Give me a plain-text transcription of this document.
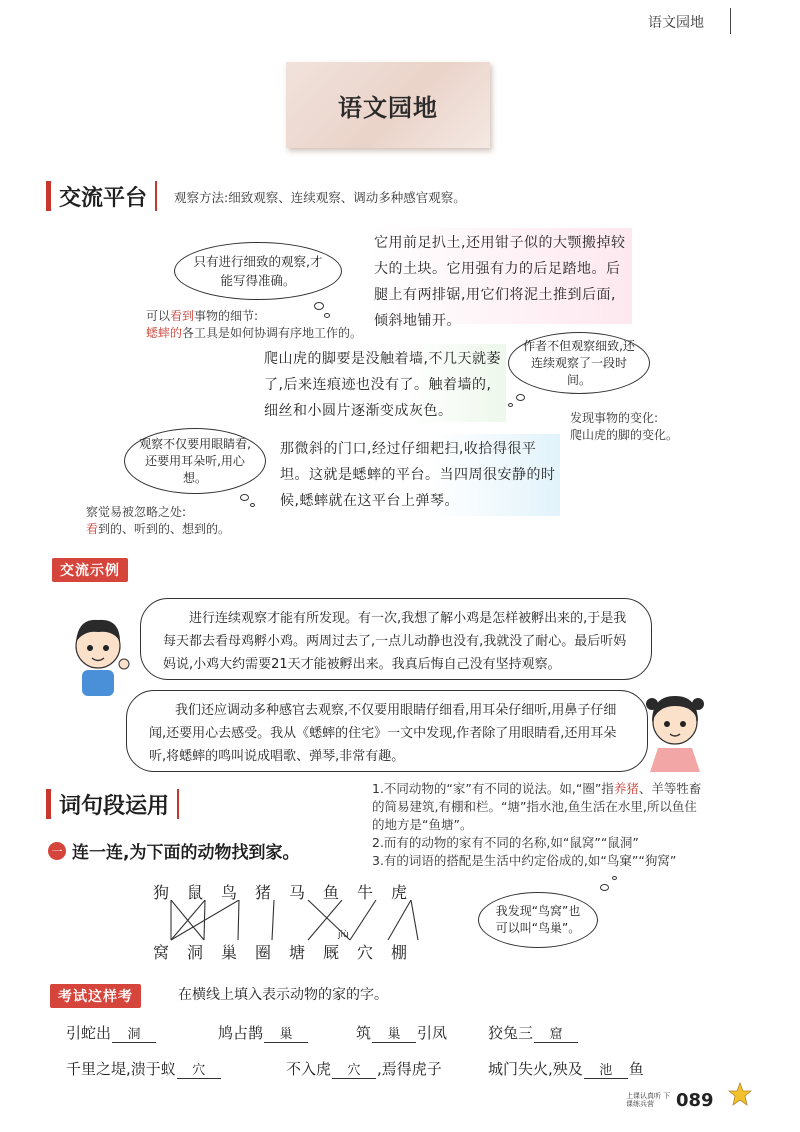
语文园地
语文园地
交流平台 观察方法:细致观察、连续观察、调动多种感官观察。
只有进行细致的观察,才能写得准确。
它用前足扒土,还用钳子似的大颚搬掉较大的土块。它用强有力的后足踏地。后腿上有两排锯,用它们将泥土推到后面,倾斜地铺开。
可以看到事物的细节:
蟋蟀的各工具是如何协调有序地工作的。
爬山虎的脚要是没触着墙,不几天就萎了,后来连痕迹也没有了。触着墙的,细丝和小圆片逐渐变成灰色。
作者不但观察细致,还连续观察了一段时间。
发现事物的变化:
爬山虎的脚的变化。
观察不仅要用眼睛看,还要用耳朵听,用心想。
那微斜的门口,经过仔细耙扫,收拾得很平坦。这就是蟋蟀的平台。当四周很安静的时候,蟋蟀就在这平台上弹琴。
察觉易被忽略之处:
看到的、听到的、想到的。
交流示例
进行连续观察才能有所发现。有一次,我想了解小鸡是怎样被孵出来的,于是我每天都去看母鸡孵小鸡。两周过去了,一点儿动静也没有,我就没了耐心。最后听妈妈说,小鸡大约需要21天才能被孵出来。我真后悔自己没有坚持观察。
我们还应调动多种感官去观察,不仅要用眼睛仔细看,用耳朵仔细听,用鼻子仔细闻,还要用心去感受。我从《蟋蟀的住宅》一文中发现,作者除了用眼睛看,还用耳朵听,将蟋蟀的鸣叫说成唱歌、弹琴,非常有趣。
词句段运用
1.不同动物的“家”有不同的说法。如,“圈”指养猪、羊等牲畜的简易建筑,有棚和栏。“塘”指水池,鱼生活在水里,所以鱼住的地方是“鱼塘”。
2.而有的动物的家有不同的名称,如“鼠窝”“鼠洞”
3.有的词语的搭配是生活中约定俗成的,如“鸟窠”“狗窝”
一 连一连,为下面的动物找到家。
狗 鼠 鸟 猪 马 鱼 牛 虎
jiù
窝 洞 巢 圈 塘 厩 穴 棚
我发现“鸟窝”也可以叫“鸟巢”。
考试这样考	在横线上填入表示动物的家的字。
引蛇出	洞	鸠占鹊	巢	筑	巢	引凤	狡兔三	窟
千里之堤,溃于蚁	穴	不入虎	穴	,焉得虎子	城门失火,殃及	池	鱼
上课认真听 下课练兵营	089
